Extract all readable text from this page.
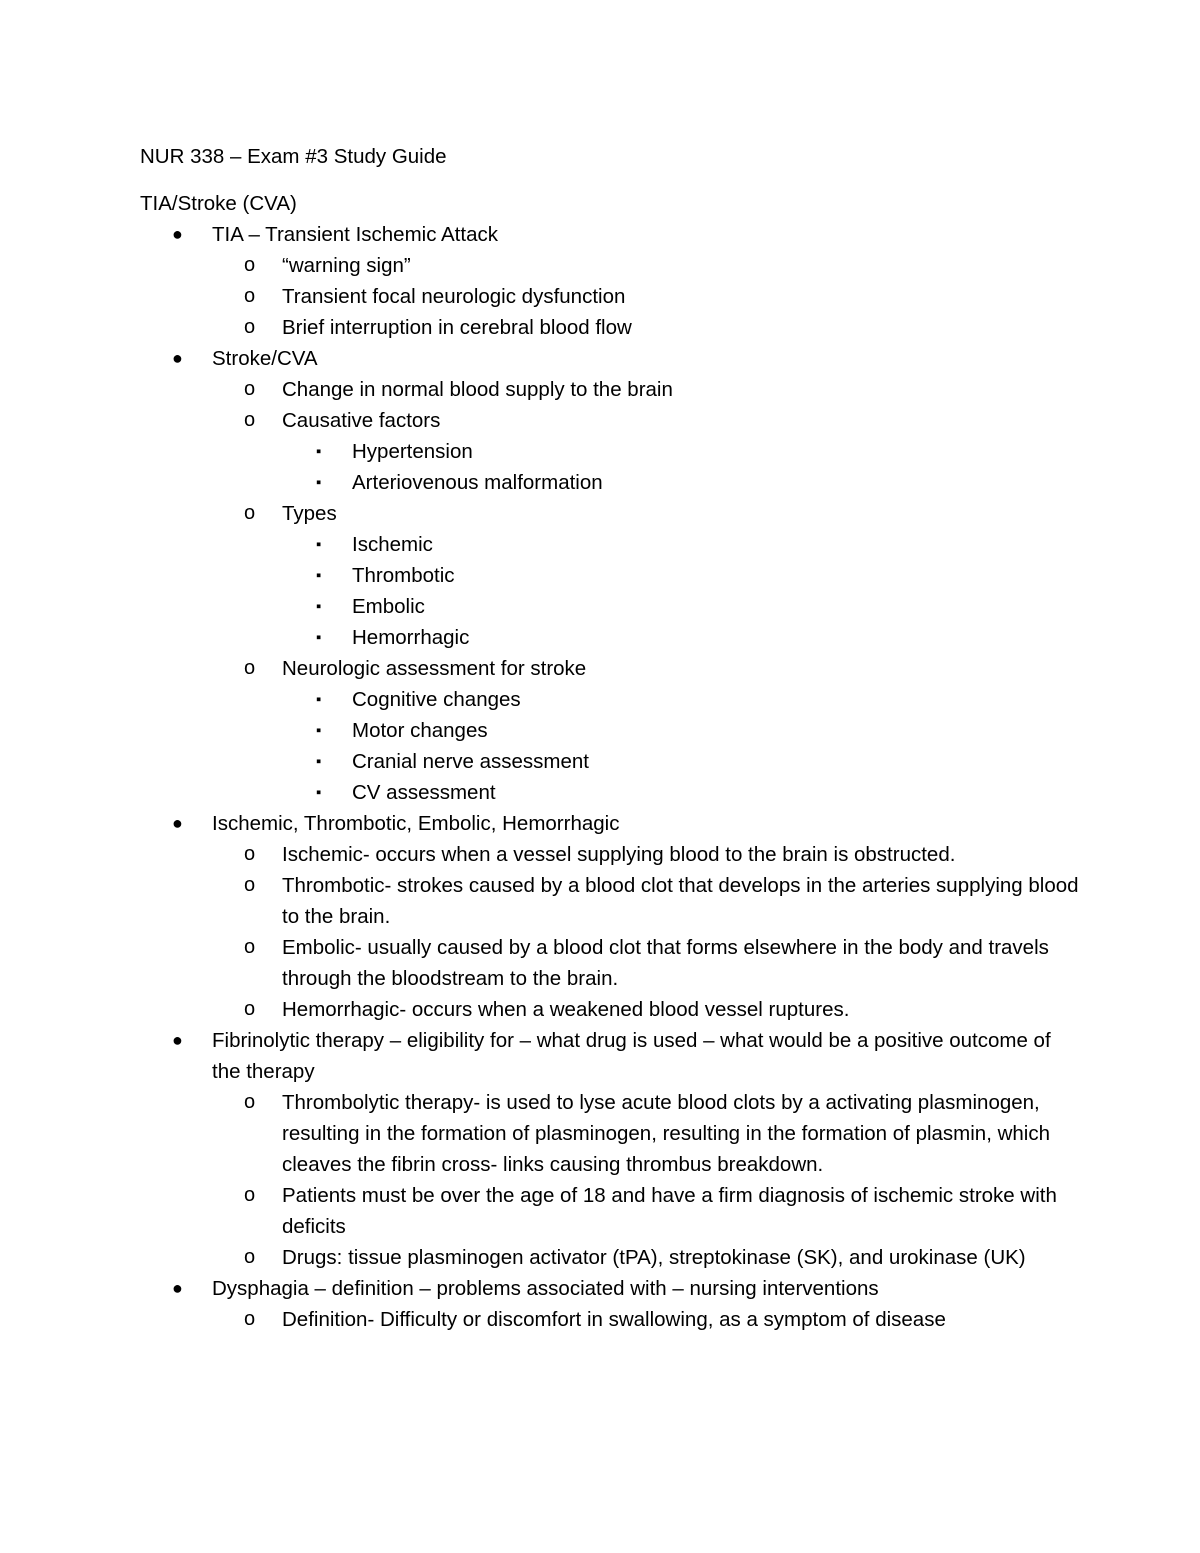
NUR 338 – Exam #3 Study Guide
TIA/Stroke (CVA)
● TIA – Transient Ischemic Attack
o “warning sign”
o Transient focal neurologic dysfunction
o Brief interruption in cerebral blood flow
● Stroke/CVA
o Change in normal blood supply to the brain
o Causative factors
▪ Hypertension
▪ Arteriovenous malformation
o Types
▪ Ischemic
▪ Thrombotic
▪ Embolic
▪ Hemorrhagic
o Neurologic assessment for stroke
▪ Cognitive changes
▪ Motor changes
▪ Cranial nerve assessment
▪ CV assessment
● Ischemic, Thrombotic, Embolic, Hemorrhagic
o Ischemic- occurs when a vessel supplying blood to the brain is obstructed.
o Thrombotic- strokes caused by a blood clot that develops in the arteries supplying blood to the brain.
o Embolic- usually caused by a blood clot that forms elsewhere in the body and travels through the bloodstream to the brain.
o Hemorrhagic- occurs when a weakened blood vessel ruptures.
● Fibrinolytic therapy – eligibility for – what drug is used – what would be a positive outcome of the therapy
o Thrombolytic therapy- is used to lyse acute blood clots by a activating plasminogen, resulting in the formation of plasminogen, resulting in the formation of plasmin, which cleaves the fibrin cross- links causing thrombus breakdown.
o Patients must be over the age of 18 and have a firm diagnosis of ischemic stroke with deficits
o Drugs: tissue plasminogen activator (tPA), streptokinase (SK), and urokinase (UK)
● Dysphagia – definition – problems associated with – nursing interventions
o Definition- Difficulty or discomfort in swallowing, as a symptom of disease
